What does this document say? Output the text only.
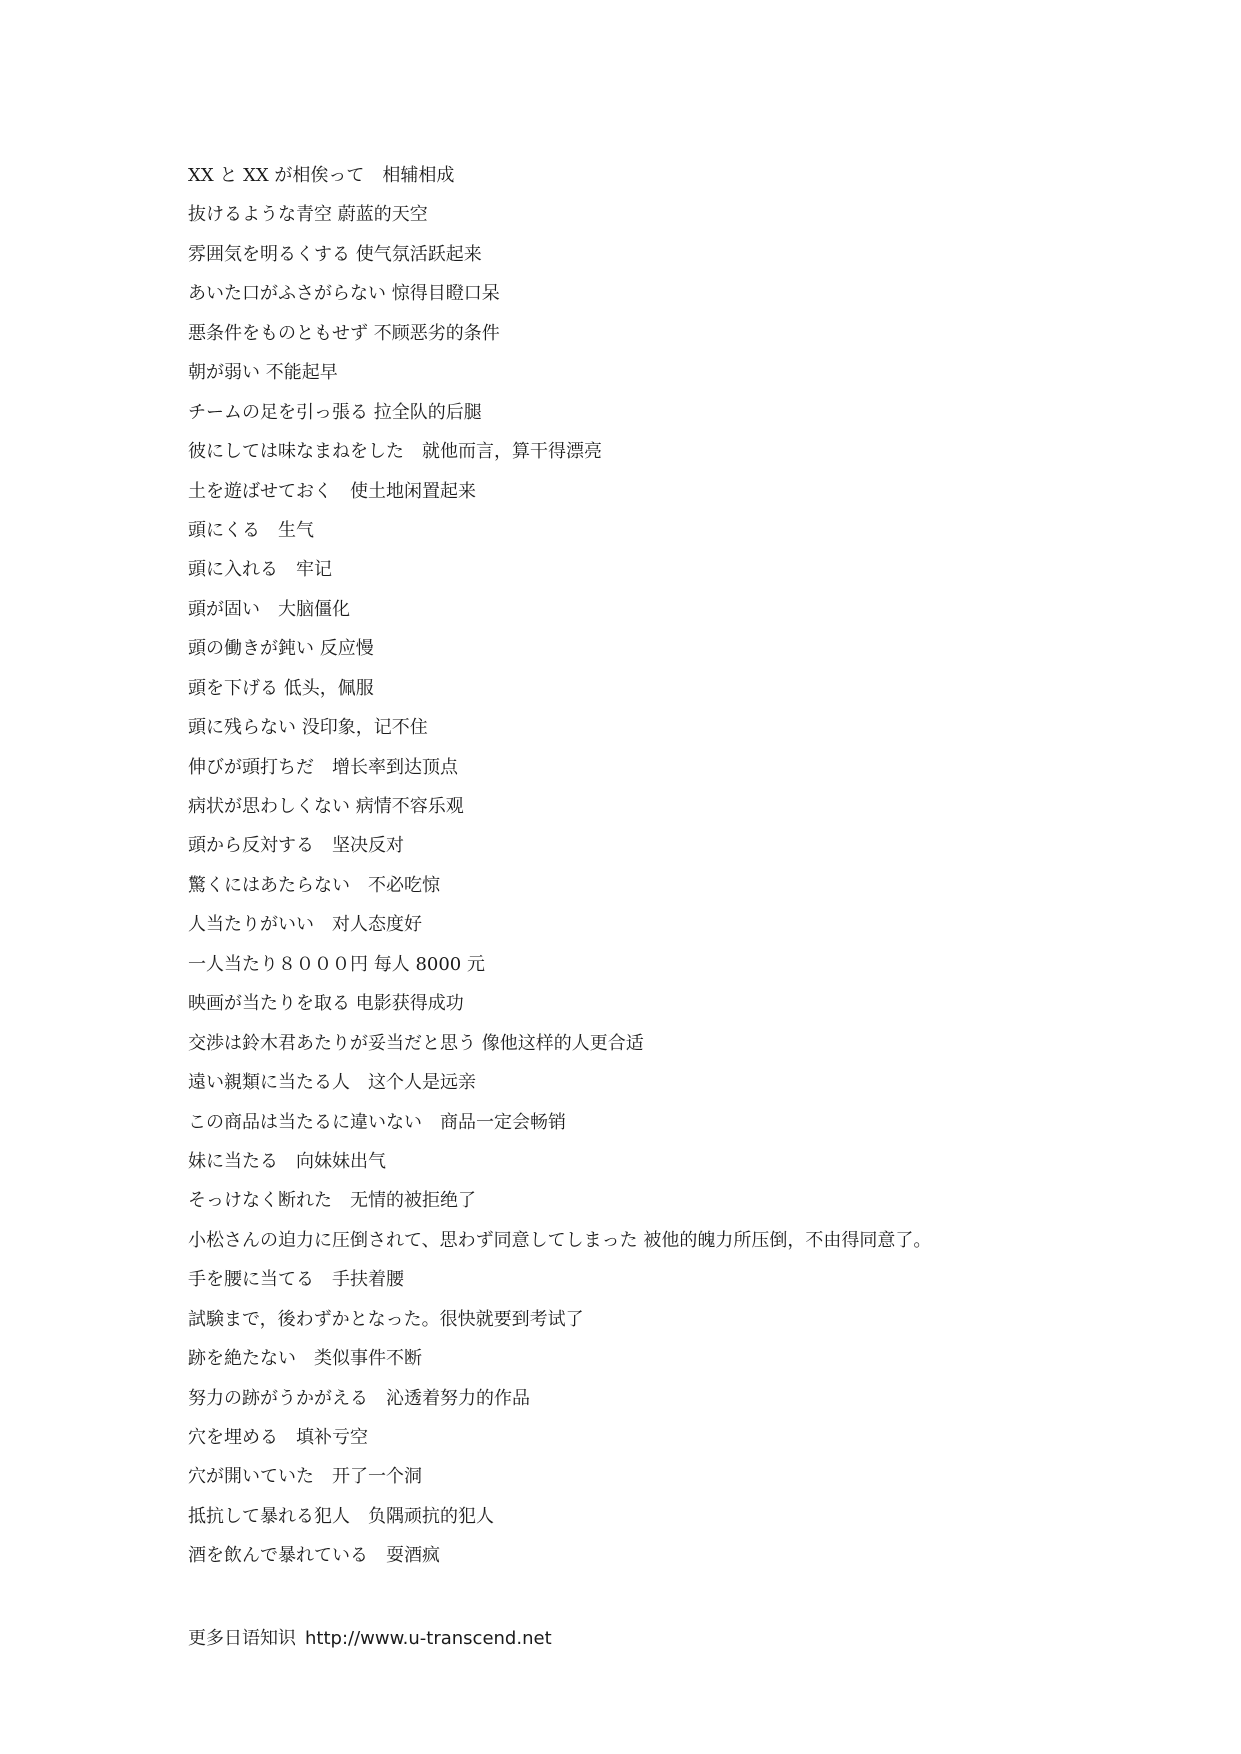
XX と XX が相俟って　相辅相成
抜けるような青空 蔚蓝的天空
雰囲気を明るくする 使气氛活跃起来
あいた口がふさがらない 惊得目瞪口呆
悪条件をものともせず 不顾恶劣的条件
朝が弱い 不能起早
チームの足を引っ張る 拉全队的后腿
彼にしては味なまねをした　就他而言，算干得漂亮
土を遊ばせておく　使土地闲置起来
頭にくる　生气
頭に入れる　牢记
頭が固い　大脑僵化
頭の働きが鈍い 反应慢
頭を下げる 低头，佩服
頭に残らない 没印象，记不住
伸びが頭打ちだ　增长率到达顶点
病状が思わしくない 病情不容乐观
頭から反対する　坚决反对
驚くにはあたらない　不必吃惊
人当たりがいい　对人态度好
一人当たり８０００円 每人 8000 元
映画が当たりを取る 电影获得成功
交渉は鈴木君あたりが妥当だと思う 像他这样的人更合适
遠い親類に当たる人　这个人是远亲
この商品は当たるに違いない　商品一定会畅销
妹に当たる　向妹妹出气
そっけなく断れた　无情的被拒绝了
小松さんの迫力に圧倒されて、思わず同意してしまった 被他的魄力所压倒，不由得同意了。
手を腰に当てる　手扶着腰
試験まで，後わずかとなった。很快就要到考试了
跡を絶たない　类似事件不断
努力の跡がうかがえる　沁透着努力的作品
穴を埋める　填补亏空
穴が開いていた　开了一个洞
抵抗して暴れる犯人　负隅顽抗的犯人
酒を飲んで暴れている　耍酒疯
更多日语知识 http://www.u-transcend.net
